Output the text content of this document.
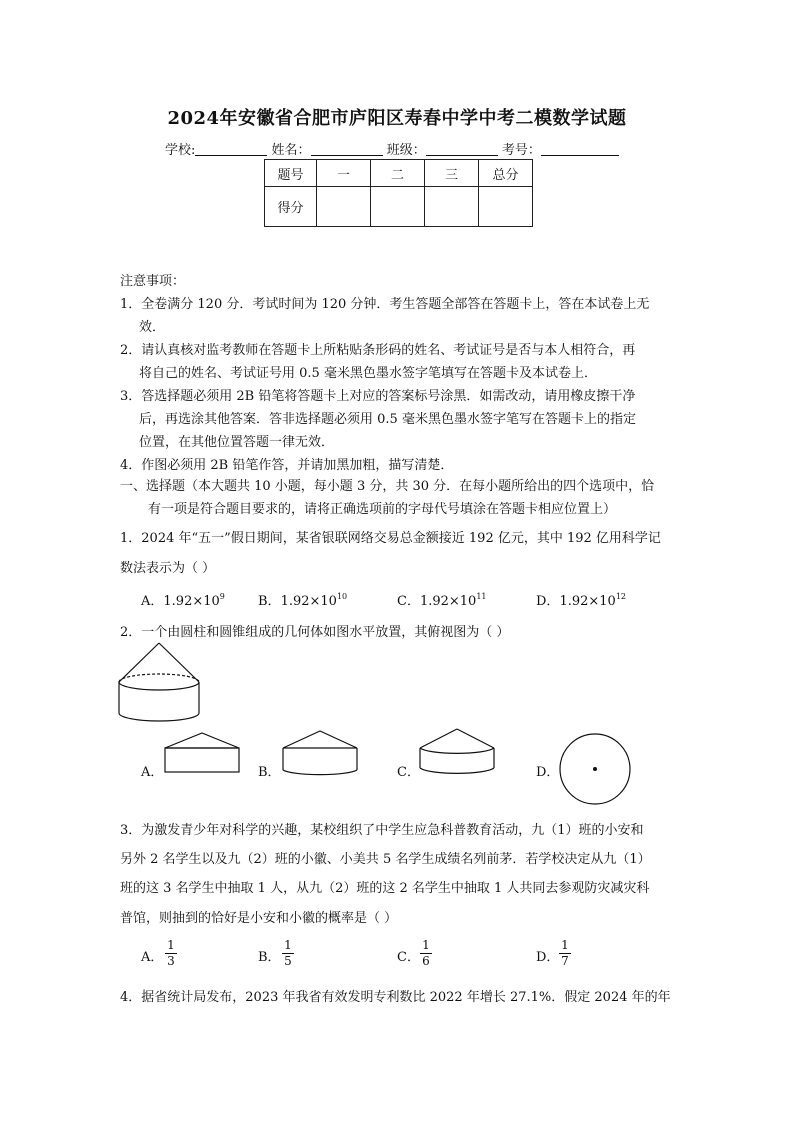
2024年安徽省合肥市庐阳区寿春中学中考二模数学试题
学校:	姓名：	班级：	考号：
题号	一	二	三	总分
得分				
注意事项：
1．全卷满分 120 分．考试时间为 120 分钟．考生答题全部答在答题卡上，答在本试卷上无
效．
2．请认真核对监考教师在答题卡上所粘贴条形码的姓名、考试证号是否与本人相符合，再
将自己的姓名、考试证号用 0.5 毫米黑色墨水签字笔填写在答题卡及本试卷上．
3．答选择题必须用 2B 铅笔将答题卡上对应的答案标号涂黑．如需改动，请用橡皮擦干净
后，再选涂其他答案．答非选择题必须用 0.5 毫米黑色墨水签字笔写在答题卡上的指定
位置，在其他位置答题一律无效．
4．作图必须用 2B 铅笔作答，并请加黑加粗，描写清楚．
一、选择题（本大题共 10 小题，每小题 3 分，共 30 分．在每小题所给出的四个选项中，恰
有一项是符合题目要求的，请将正确选项前的字母代号填涂在答题卡相应位置上）
1．2024 年“五一”假日期间，某省银联网络交易总金额接近 192 亿元，其中 192 亿用科学记
数法表示为（ ）
A．$1.92\times 10^9$	B．$1.92\times 10^{10}$	C．$1.92\times 10^{11}$	D．$1.92\times 10^{12}$
2．一个由圆柱和圆锥组成的几何体如图水平放置，其俯视图为（ ）
A．	B．	C．	D．
3．为激发青少年对科学的兴趣，某校组织了中学生应急科普教育活动，九（1）班的小安和
另外 2 名学生以及九（2）班的小徽、小美共 5 名学生成绩名列前茅．若学校决定从九（1）
班的这 3 名学生中抽取 1 人，从九（2）班的这 2 名学生中抽取 1 人共同去参观防灾减灾科
普馆，则抽到的恰好是小安和小徽的概率是（ ）
A． $\frac{1}{3}$	B． $\frac{1}{5}$	C． $\frac{1}{6}$	D． $\frac{1}{7}$
4．据省统计局发布，2023 年我省有效发明专利数比 2022 年增长 27.1%．假定 2024 年的年
